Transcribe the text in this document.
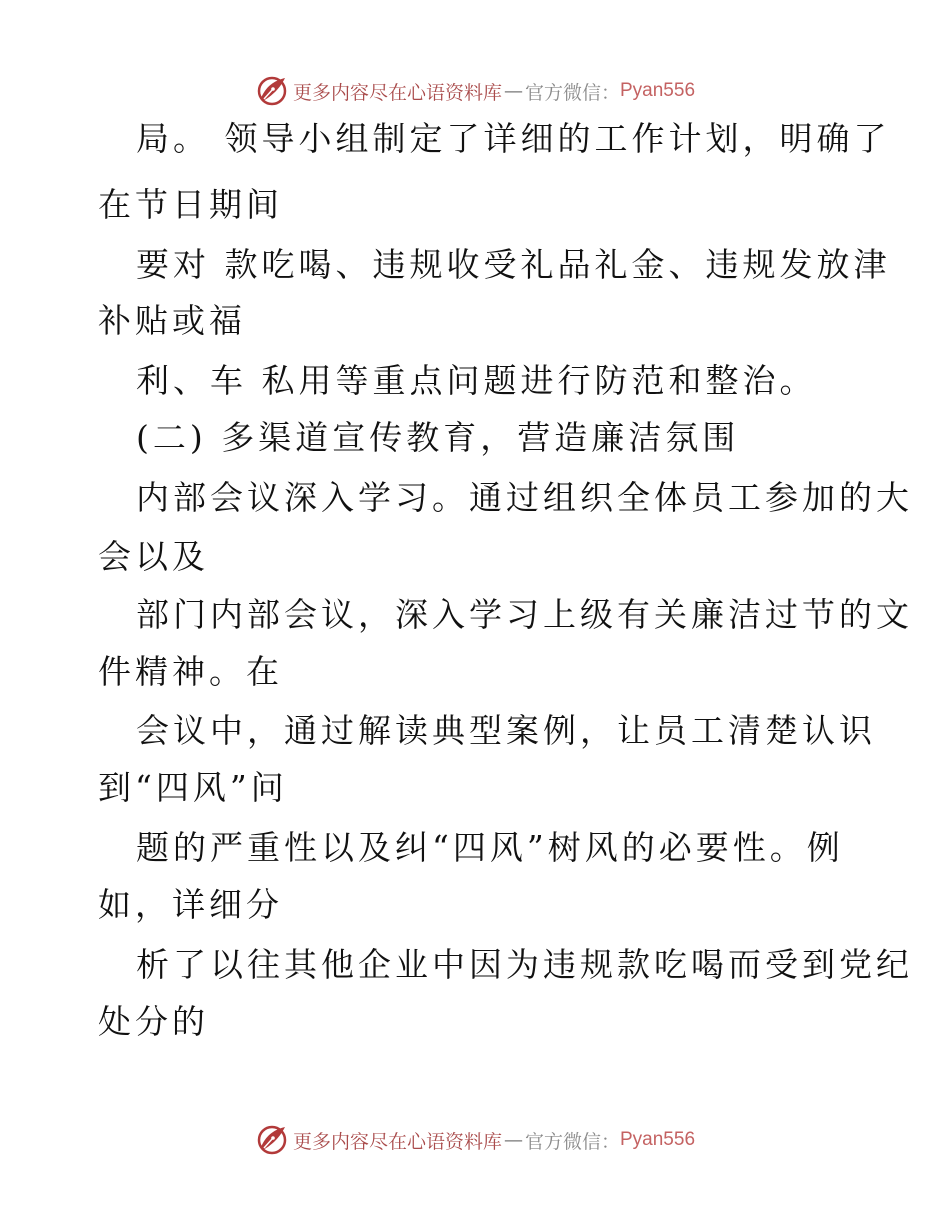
更多内容尽在心语资料库 — 官方微信： Pyan556
局。 领导小组制定了详细的工作计划，明确了
在节日期间
要对 款吃喝、违规收受礼品礼金、违规发放津
补贴或福
利、车 私用等重点问题进行防范和整治。
(二) 多渠道宣传教育，营造廉洁氛围
内部会议深入学习。通过组织全体员工参加的大
会以及
部门内部会议，深入学习上级有关廉洁过节的文
件精神。在
会议中，通过解读典型案例，让员工清楚认识
到“四风”问
题的严重性以及纠“四风”树风的必要性。例
如，详细分
析了以往其他企业中因为违规款吃喝而受到党纪
处分的
更多内容尽在心语资料库 — 官方微信： Pyan556
